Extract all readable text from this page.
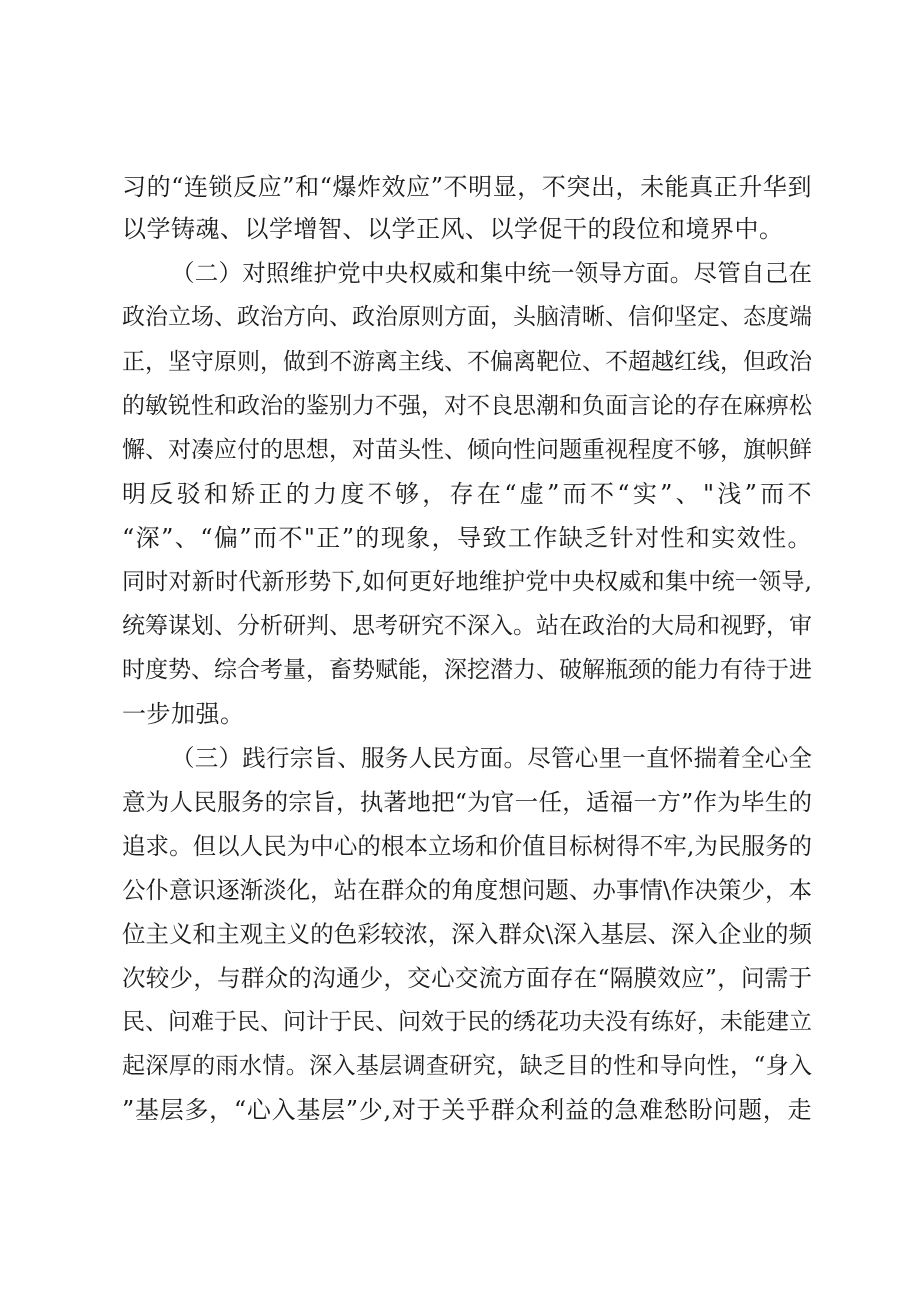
习的“连锁反应”和“爆炸效应”不明显，不突出，未能真正升华到
以学铸魂、以学增智、以学正风、以学促干的段位和境界中。
（二）对照维护党中央权威和集中统一领导方面。尽管自己在
政治立场、政治方向、政治原则方面，头脑清晰、信仰坚定、态度端
正，坚守原则，做到不游离主线、不偏离靶位、不超越红线，但政治
的敏锐性和政治的鉴别力不强，对不良思潮和负面言论的存在麻痹松
懈、对凑应付的思想，对苗头性、倾向性问题重视程度不够，旗帜鲜
明反驳和矫正的力度不够，存在“虚”而不“实”、"浅”而不
“深”、“偏”而不"正”的现象，导致工作缺乏针对性和实效性。
同时对新时代新形势下,如何更好地维护党中央权威和集中统一领导,
统筹谋划、分析研判、思考研究不深入。站在政治的大局和视野，审
时度势、综合考量，畜势赋能，深挖潜力、破解瓶颈的能力有待于进
一步加强。
（三）践行宗旨、服务人民方面。尽管心里一直怀揣着全心全
意为人民服务的宗旨，执著地把“为官一任，适福一方”作为毕生的
追求。但以人民为中心的根本立场和价值目标树得不牢,为民服务的
公仆意识逐渐淡化，站在群众的角度想问题、办事情\作决策少，本
位主义和主观主义的色彩较浓，深入群众\深入基层、深入企业的频
次较少，与群众的沟通少，交心交流方面存在“隔膜效应”，问需于
民、问难于民、问计于民、问效于民的绣花功夫没有练好，未能建立
起深厚的雨水情。深入基层调查研究，缺乏目的性和导向性，“身入
”基层多，“心入基层”少,对于关乎群众利益的急难愁盼问题，走
